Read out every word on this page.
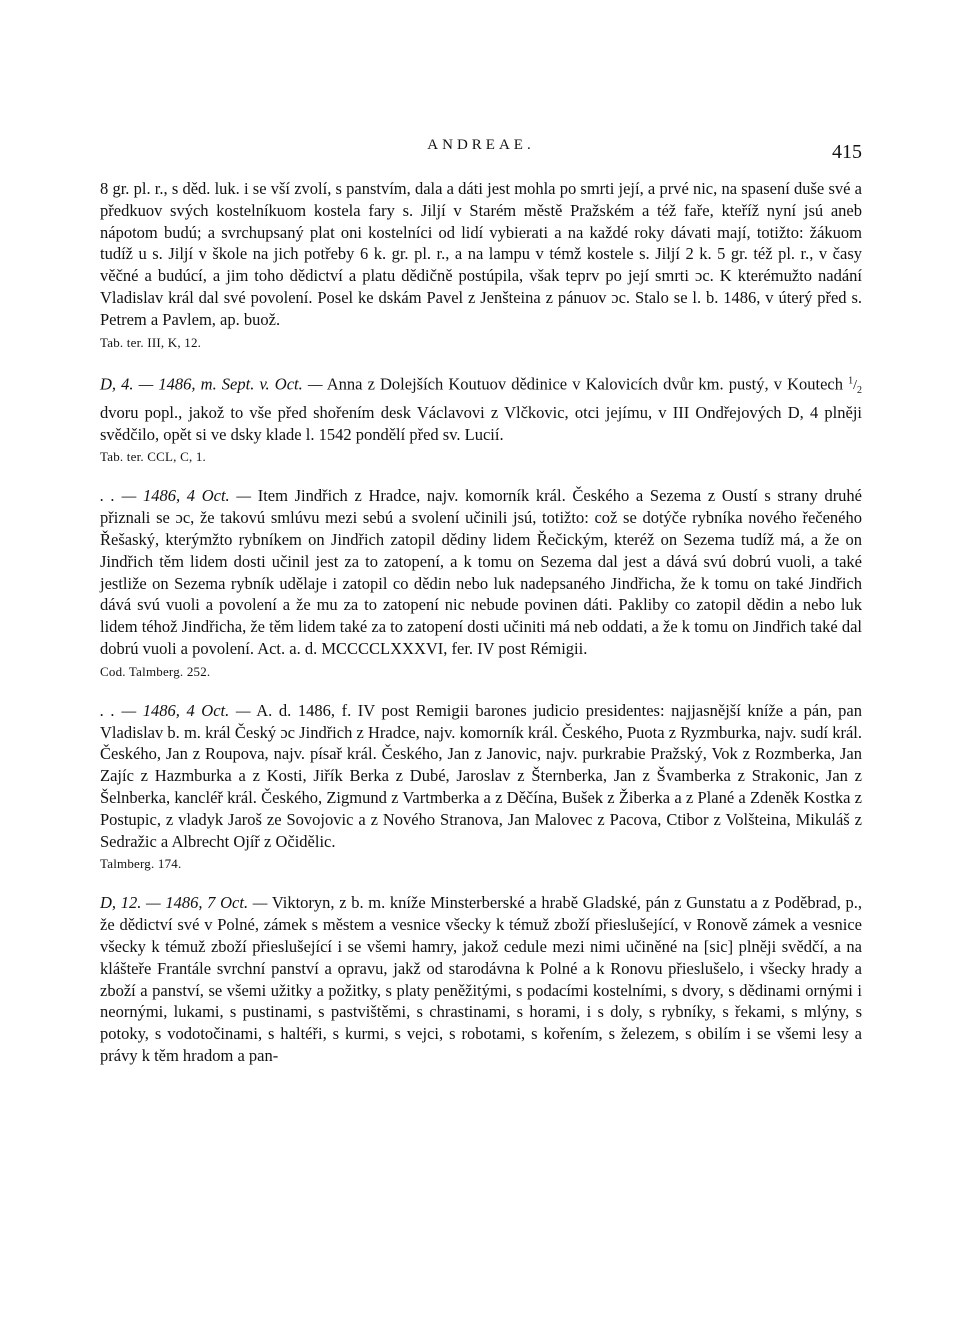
ANDREAE.	415

8 gr. pl. r., s děd. luk. i se vší zvolí, s panstvím, dala a dáti jest mohla po smrti její, a prvé nic, na spasení duše své a předkuov svých kostelníkuom kostela fary s. Jiljí v Starém městě Pražském a též faře, kteříž nyní jsú aneb nápotom budú; a svrchupsaný plat oni kostelníci od lidí vybierati a na každé roky dávati mají, totižto: žákuom tudíž u s. Jiljí v škole na jich potřeby 6 k. gr. pl. r., a na lampu v témž kostele s. Jiljí 2 k. 5 gr. též pl. r., v časy věčné a budúcí, a jim toho dědictví a platu dědičně postúpila, však teprv po její smrti ɔc. K kterémužto nadání Vladislav král dal své povolení. Posel ke dskám Pavel z Jenšteina z pánuov ɔc. Stalo se l. b. 1486, v úterý před s. Petrem a Pavlem, ap. buož.

Tab. ter. III, K, 12.

D, 4. — 1486, m. Sept. v. Oct. — Anna z Dolejších Koutuov dědinice v Kalovicích dvůr km. pustý, v Koutech $^1/_2$ dvoru popl., jakož to vše před shořením desk Václavovi z Vlčkovic, otci jejímu, v III Ondřejových D, 4 plněji svědčilo, opět si ve dsky klade l. 1542 pondělí před sv. Lucií.

Tab. ter. CCL, C, 1.

. . — 1486, 4 Oct. — Item Jindřich z Hradce, najv. komorník král. Českého a Sezema z Oustí s strany druhé přiznali se ɔc, že takovú smlúvu mezi sebú a svolení učinili jsú, totižto: což se dotýče rybníka nového řečeného Řešaský, kterýmžto rybníkem on Jindřich zatopil dědiny lidem Řečickým, kteréž on Sezema tudíž má, a že on Jindřich těm lidem dosti učinil jest za to zatopení, a k tomu on Sezema dal jest a dává svú dobrú vuoli, a také jestliže on Sezema rybník udělaje i zatopil co dědin nebo luk nadepsaného Jindřicha, že k tomu on také Jindřich dává svú vuoli a povolení a že mu za to zatopení nic nebude povinen dáti. Pakliby co zatopil dědin a nebo luk lidem téhož Jindřicha, že těm lidem také za to zatopení dosti učiniti má neb oddati, a že k tomu on Jindřich také dal dobrú vuoli a povolení. Act. a. d. MCCCCLXXXVI, fer. IV post Rémigii.

Cod. Talmberg. 252.

. . — 1486, 4 Oct. — A. d. 1486, f. IV post Remigii barones judicio presidentes: najjasnější kníže a pán, pan Vladislav b. m. král Český ɔc Jindřich z Hradce, najv. komorník král. Českého, Puota z Ryzmburka, najv. sudí král. Českého, Jan z Roupova, najv. písař král. Českého, Jan z Janovic, najv. purkrabie Pražský, Vok z Rozmberka, Jan Zajíc z Hazmburka a z Kosti, Jiřík Berka z Dubé, Jaroslav z Šternberka, Jan z Švamberka z Strakonic, Jan z Šelnberka, kancléř král. Českého, Zigmund z Vartmberka a z Děčína, Bušek z Žiberka a z Plané a Zdeněk Kostka z Postupic, z vladyk Jaroš ze Sovojovic a z Nového Stranova, Jan Malovec z Pacova, Ctibor z Volšteina, Mikuláš z Sedražic a Albrecht Ojíř z Očidělic.

Talmberg. 174.

D, 12. — 1486, 7 Oct. — Viktoryn, z b. m. kníže Minsterberské a hrabě Gladské, pán z Gunstatu a z Poděbrad, p., že dědictví své v Polné, zámek s městem a vesnice všecky k témuž zboží přieslušející, v Ronově zámek a vesnice všecky k témuž zboží přieslušející i se všemi hamry, jakož cedule mezi nimi učiněné na [sic] plněji svědčí, a na klášteře Frantále svrchní panství a opravu, jakž od starodávna k Polné a k Ronovu přieslušelo, i všecky hrady a zboží a panství, se všemi užitky a požitky, s platy peněžitými, s podacími kostelními, s dvory, s dědinami ornými i neornými, lukami, s pustinami, s pastvištěmi, s chrastinami, s horami, i s doly, s rybníky, s řekami, s mlýny, s potoky, s vodotočinami, s haltéři, s kurmi, s vejci, s robotami, s kořením, s železem, s obilím i se všemi lesy a právy k těm hradom a pan-
